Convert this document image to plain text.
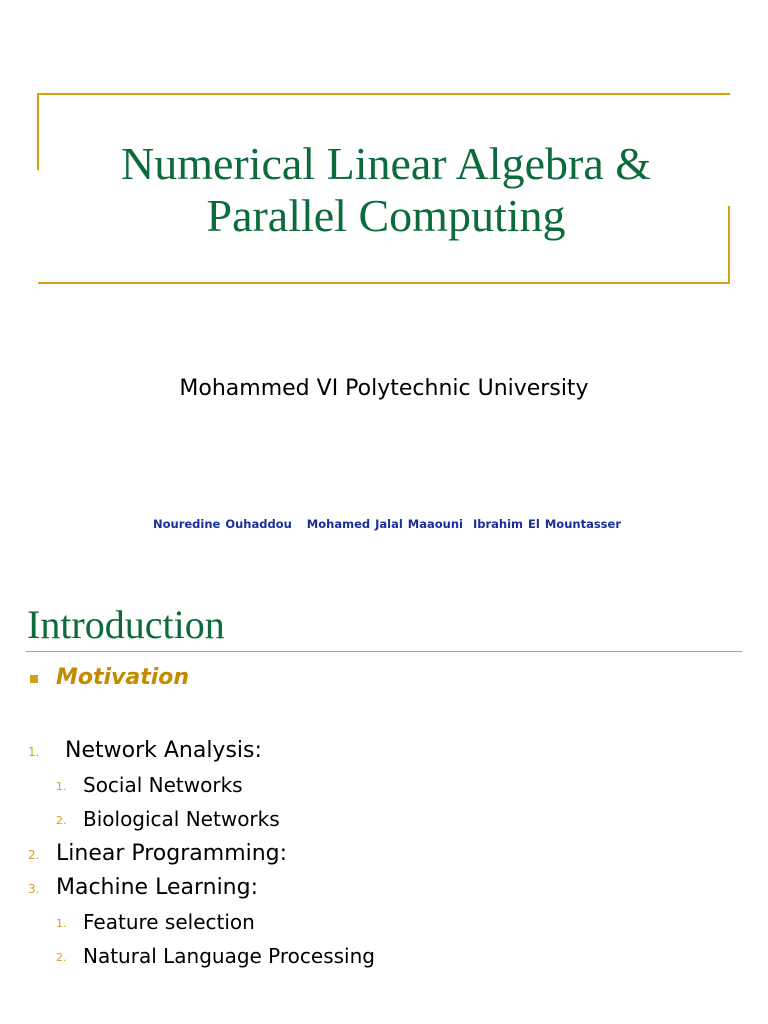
Numerical Linear Algebra &
Parallel Computing
Mohammed VI Polytechnic University
Nouredine Ouhaddou   Mohamed Jalal Maaouni  Ibrahim El Mountasser
Introduction
Motivation
1. Network Analysis:
1. Social Networks
2. Biological Networks
2. Linear Programming:
3. Machine Learning:
1. Feature selection
2. Natural Language Processing
